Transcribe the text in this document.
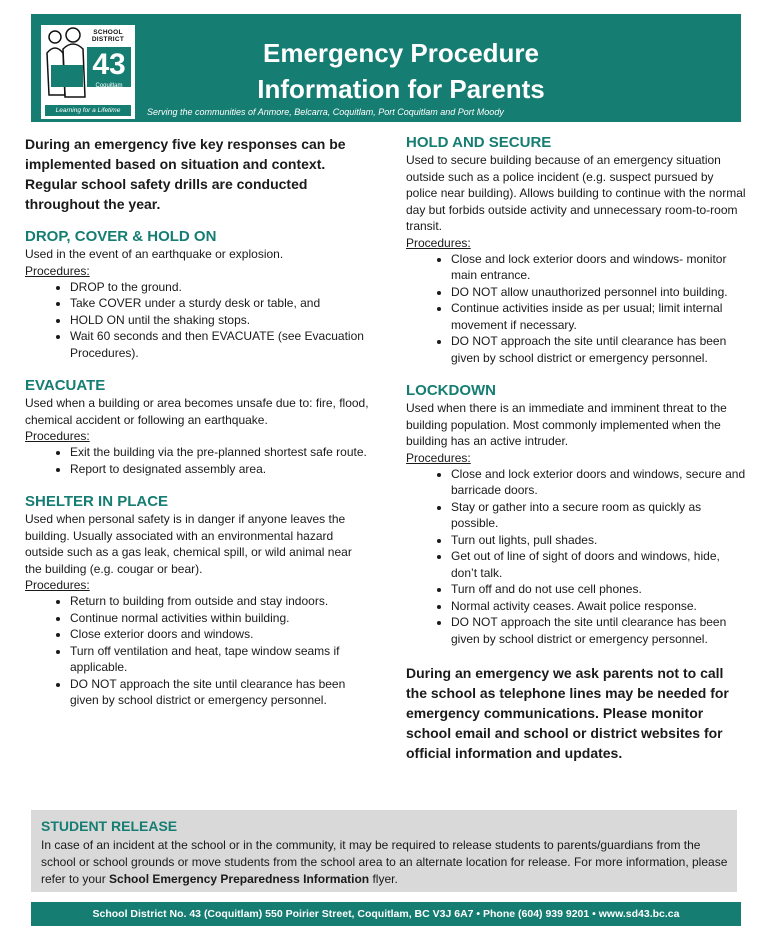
SCHOOL
DISTRICT
43
Coquitlam
Learning for a Lifetime
Emergency Procedure
Information for Parents
Serving the communities of Anmore, Belcarra, Coquitlam, Port Coquitlam and Port Moody

During an emergency five key responses can be implemented based on situation and context. Regular school safety drills are conducted throughout the year.

DROP, COVER & HOLD ON

Used in the event of an earthquake or explosion.

Procedures:
• DROP to the ground.
• Take COVER under a sturdy desk or table, and
• HOLD ON until the shaking stops.
• Wait 60 seconds and then EVACUATE (see Evacuation Procedures).
EVACUATE

Used when a building or area becomes unsafe due to: fire, flood, chemical accident or following an earthquake.

Procedures:
• Exit the building via the pre-planned shortest safe route.
• Report to designated assembly area.
SHELTER IN PLACE

Used when personal safety is in danger if anyone leaves the building. Usually associated with an environmental hazard outside such as a gas leak, chemical spill, or wild animal near the building (e.g. cougar or bear).

Procedures:
• Return to building from outside and stay indoors.
• Continue normal activities within building.
• Close exterior doors and windows.
• Turn off ventilation and heat, tape window seams if applicable.
• DO NOT approach the site until clearance has been given by school district or emergency personnel.
HOLD AND SECURE

Used to secure building because of an emergency situation outside such as a police incident (e.g. suspect pursued by police near building). Allows building to continue with the normal day but forbids outside activity and unnecessary room-to-room transit.

Procedures:
• Close and lock exterior doors and windows- monitor main entrance.
• DO NOT allow unauthorized personnel into building.
• Continue activities inside as per usual; limit internal movement if necessary.
• DO NOT approach the site until clearance has been given by school district or emergency personnel.
LOCKDOWN

Used when there is an immediate and imminent threat to the building population. Most commonly implemented when the building has an active intruder.

Procedures:
• Close and lock exterior doors and windows, secure and barricade doors.
• Stay or gather into a secure room as quickly as possible.
• Turn out lights, pull shades.
• Get out of line of sight of doors and windows, hide, don’t talk.
• Turn off and do not use cell phones.
• Normal activity ceases. Await police response.
• DO NOT approach the site until clearance has been given by school district or emergency personnel.

During an emergency we ask parents not to call the school as telephone lines may be needed for emergency communications. Please monitor school email and school or district websites for official information and updates.

STUDENT RELEASE

In case of an incident at the school or in the community, it may be required to release students to parents/guardians from the school or school grounds or move students from the school area to an alternate location for release. For more information, please refer to your School Emergency Preparedness Information flyer.

School District No. 43 (Coquitlam) 550 Poirier Street, Coquitlam, BC V3J 6A7 • Phone (604) 939 9201 • www.sd43.bc.ca
